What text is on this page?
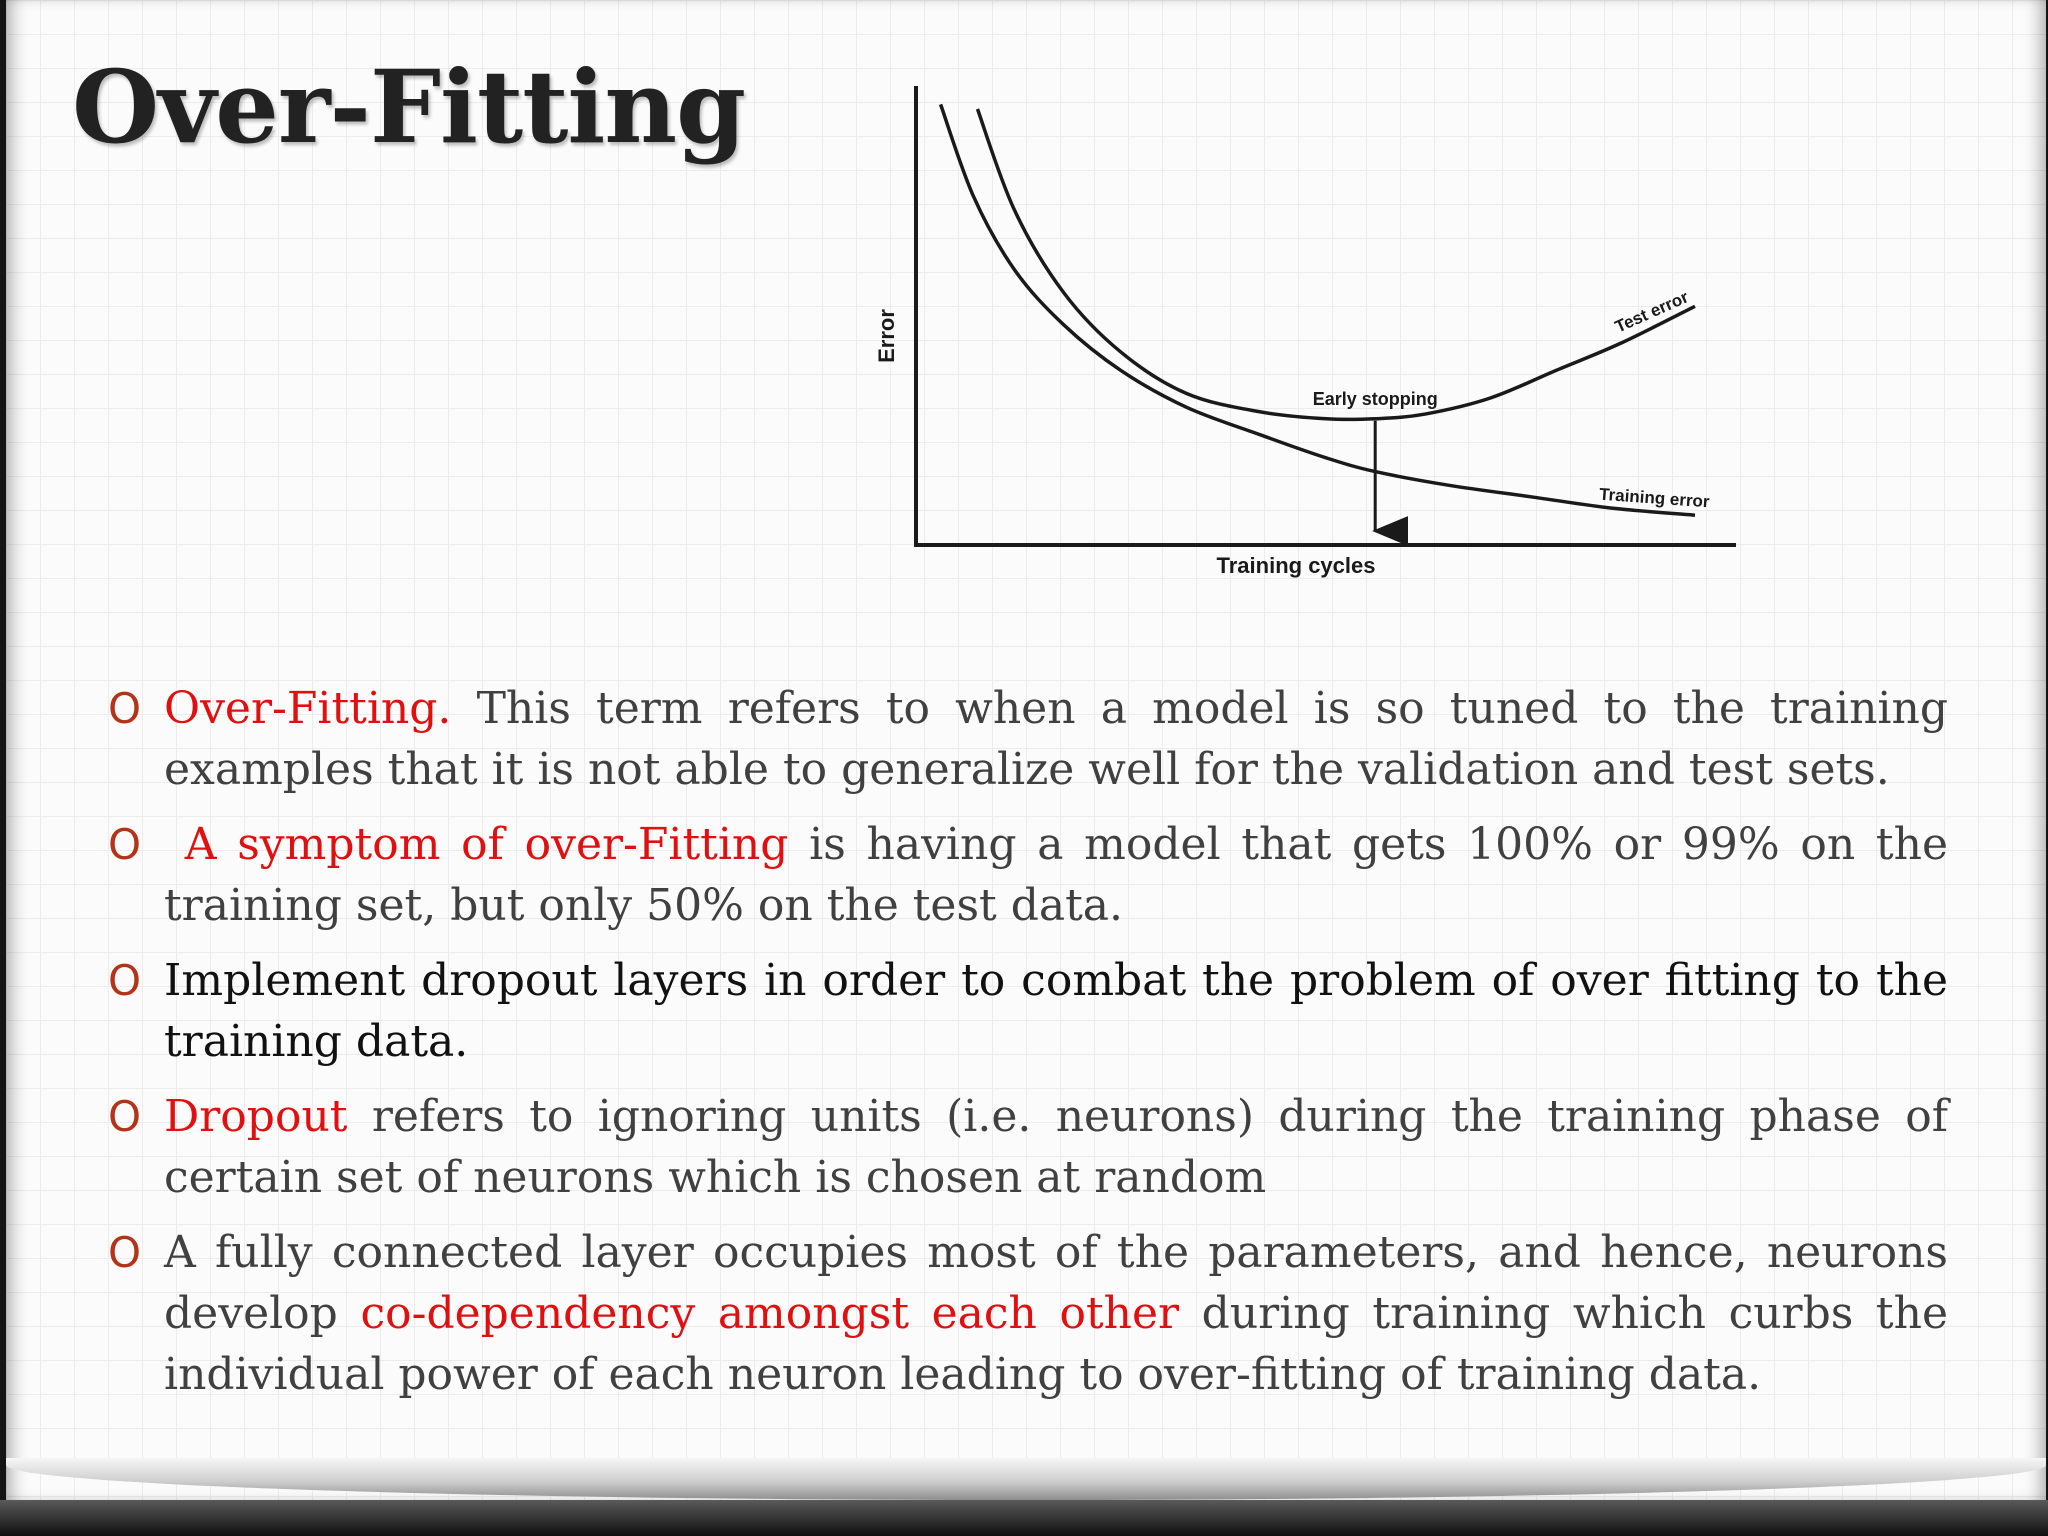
Over-Fitting
Error
Training cycles
Test error
Training error
Early stopping
O Over-Fitting. This term refers to when a model is so tuned to the training examples that it is not able to generalize well for the validation and test sets.
O A symptom of over-Fitting is having a model that gets 100% or 99% on the training set, but only 50% on the test data.
O Implement dropout layers in order to combat the problem of over fitting to the training data.
O Dropout refers to ignoring units (i.e. neurons) during the training phase of certain set of neurons which is chosen at random
O A fully connected layer occupies most of the parameters, and hence, neurons develop co-dependency amongst each other during training which curbs the individual power of each neuron leading to over-fitting of training data.
